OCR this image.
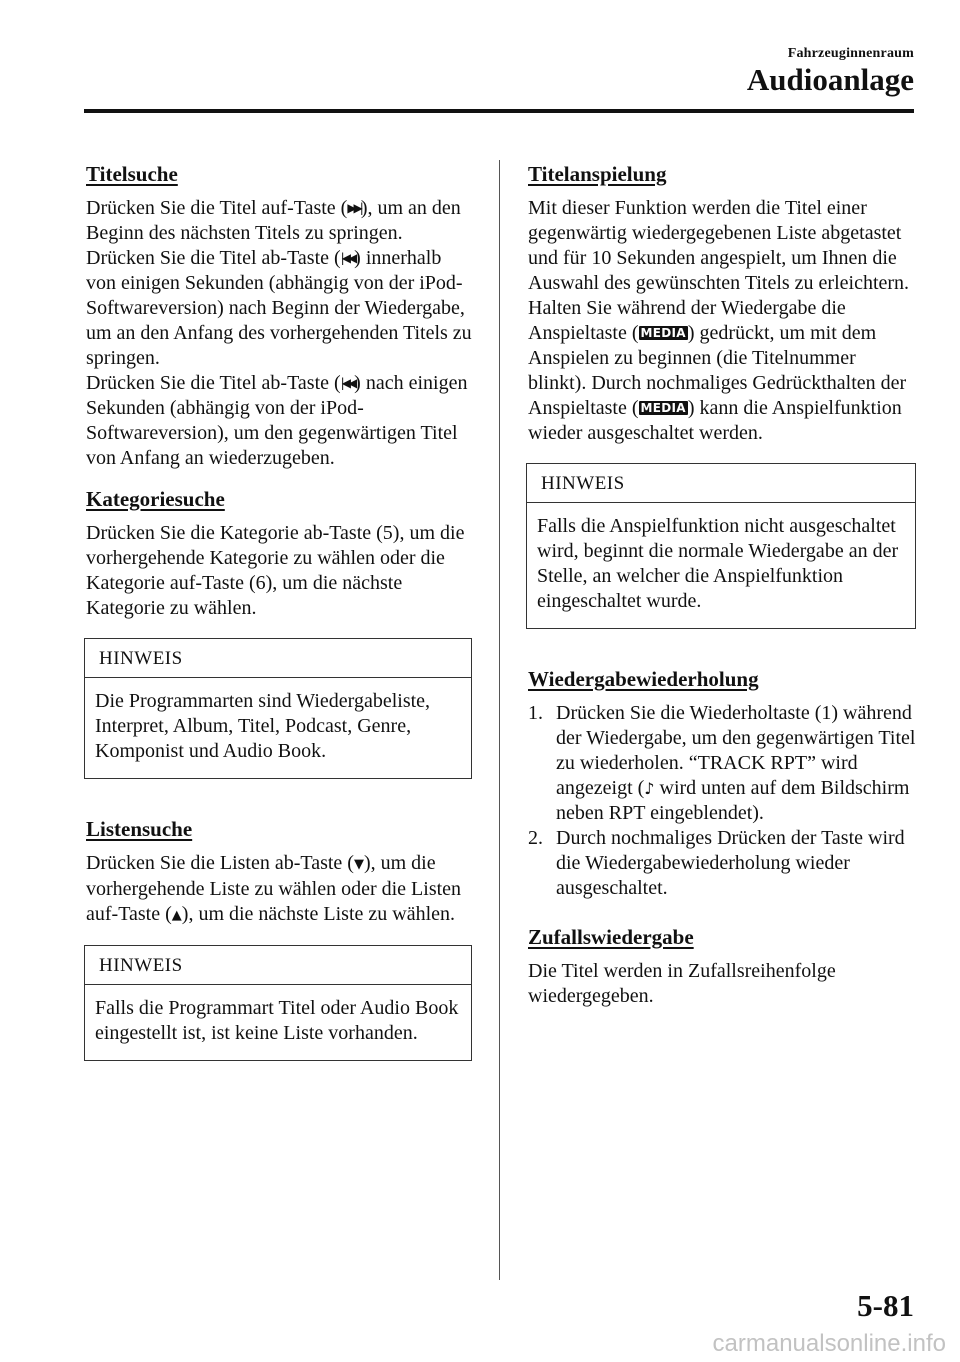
Fahrzeuginnenraum
Audioanlage
Titelsuche

Drücken Sie die Titel auf-Taste (▶▶|), um an den Beginn des nächsten Titels zu springen.

Drücken Sie die Titel ab-Taste (|◀◀) innerhalb von einigen Sekunden (abhängig von der iPod-Softwareversion) nach Beginn der Wiedergabe, um an den Anfang des vorhergehenden Titels zu springen.

Drücken Sie die Titel ab-Taste (|◀◀) nach einigen Sekunden (abhängig von der iPod-Softwareversion), um den gegenwärtigen Titel von Anfang an wiederzugeben.

Kategoriesuche

Drücken Sie die Kategorie ab-Taste (5), um die vorhergehende Kategorie zu wählen oder die Kategorie auf-Taste (6), um die nächste Kategorie zu wählen.

HINWEIS
Die Programmarten sind Wiedergabeliste, Interpret, Album, Titel, Podcast, Genre, Komponist und Audio Book.
Listensuche

Drücken Sie die Listen ab-Taste (▼), um die vorhergehende Liste zu wählen oder die Listen auf-Taste (▲), um die nächste Liste zu wählen.

HINWEIS
Falls die Programmart Titel oder Audio Book eingestellt ist, ist keine Liste vorhanden.
Titelanspielung

Mit dieser Funktion werden die Titel einer gegenwärtig wiedergegebenen Liste abgetastet und für 10 Sekunden angespielt, um Ihnen die Auswahl des gewünschten Titels zu erleichtern.

Halten Sie während der Wiedergabe die Anspieltaste ( MEDIA ) gedrückt, um mit dem Anspielen zu beginnen (die Titelnummer blinkt). Durch nochmaliges Gedrückthalten der Anspieltaste ( MEDIA ) kann die Anspielfunktion wieder ausgeschaltet werden.

HINWEIS
Falls die Anspielfunktion nicht ausgeschaltet wird, beginnt die normale Wiedergabe an der Stelle, an welcher die Anspielfunktion eingeschaltet wurde.
Wiedergabewiederholung
1. Drücken Sie die Wiederholtaste (1) während der Wiedergabe, um den gegenwärtigen Titel zu wiederholen. “TRACK RPT” wird angezeigt (♪ wird unten auf dem Bildschirm neben RPT eingeblendet).
2. Durch nochmaliges Drücken der Taste wird die Wiedergabewiederholung wieder ausgeschaltet.
Zufallswiedergabe

Die Titel werden in Zufallsreihenfolge wiedergegeben.

5-81
carmanualsonline.info
